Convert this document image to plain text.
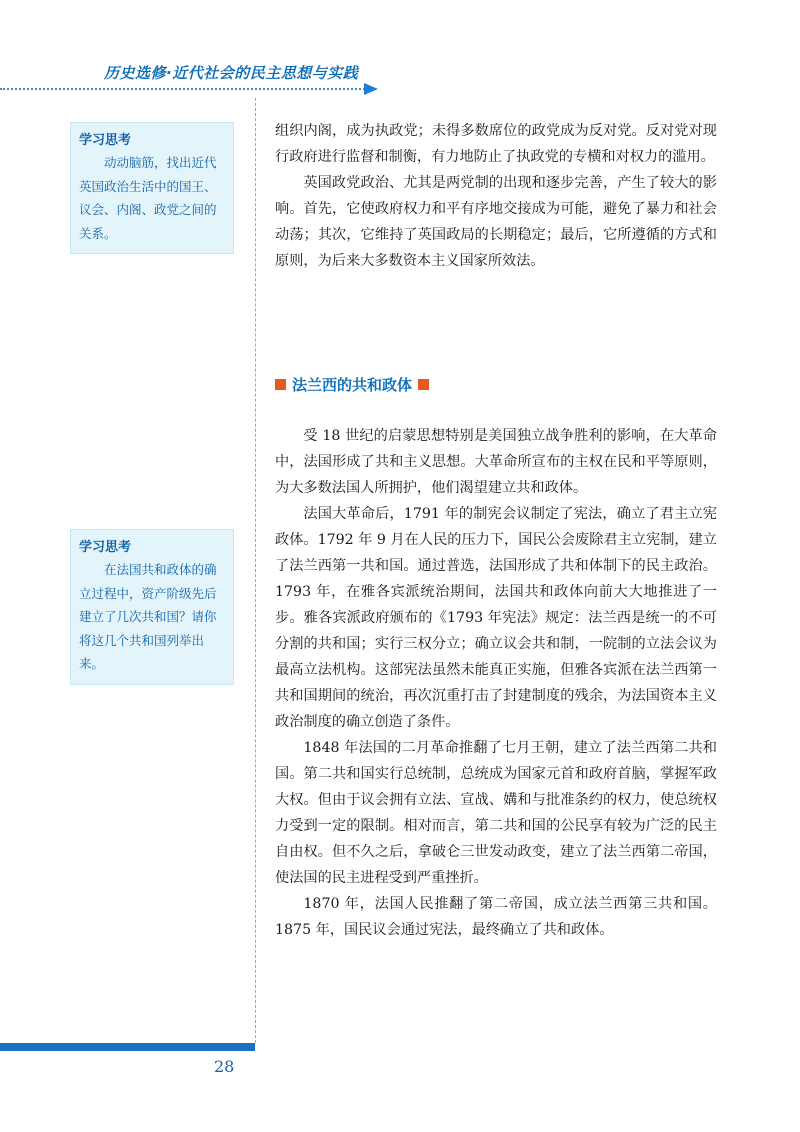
历史选修·近代社会的民主思想与实践
学习思考
动动脑筋，找出近代英国政治生活中的国王、议会、内阁、政党之间的关系。
学习思考
在法国共和政体的确立过程中，资产阶级先后建立了几次共和国？请你将这几个共和国列举出来。

组织内阁，成为执政党；未得多数席位的政党成为反对党。反对党对现行政府进行监督和制衡，有力地防止了执政党的专横和对权力的滥用。

英国政党政治、尤其是两党制的出现和逐步完善，产生了较大的影响。首先，它使政府权力和平有序地交接成为可能，避免了暴力和社会动荡；其次，它维持了英国政局的长期稳定；最后，它所遵循的方式和原则，为后来大多数资本主义国家所效法。

法兰西的共和政体

受 18 世纪的启蒙思想特别是美国独立战争胜利的影响，在大革命中，法国形成了共和主义思想。大革命所宣布的主权在民和平等原则，为大多数法国人所拥护，他们渴望建立共和政体。

法国大革命后，1791 年的制宪会议制定了宪法，确立了君主立宪政体。1792 年 9 月在人民的压力下，国民公会废除君主立宪制，建立了法兰西第一共和国。通过普选，法国形成了共和体制下的民主政治。1793 年，在雅各宾派统治期间，法国共和政体向前大大地推进了一步。雅各宾派政府颁布的《1793 年宪法》规定：法兰西是统一的不可分割的共和国；实行三权分立；确立议会共和制，一院制的立法会议为最高立法机构。这部宪法虽然未能真正实施，但雅各宾派在法兰西第一共和国期间的统治，再次沉重打击了封建制度的残余，为法国资本主义政治制度的确立创造了条件。

1848 年法国的二月革命推翻了七月王朝，建立了法兰西第二共和国。第二共和国实行总统制，总统成为国家元首和政府首脑，掌握军政大权。但由于议会拥有立法、宣战、媾和与批准条约的权力，使总统权力受到一定的限制。相对而言，第二共和国的公民享有较为广泛的民主自由权。但不久之后，拿破仑三世发动政变，建立了法兰西第二帝国，使法国的民主进程受到严重挫折。

1870 年，法国人民推翻了第二帝国，成立法兰西第三共和国。1875 年，国民议会通过宪法，最终确立了共和政体。

28
